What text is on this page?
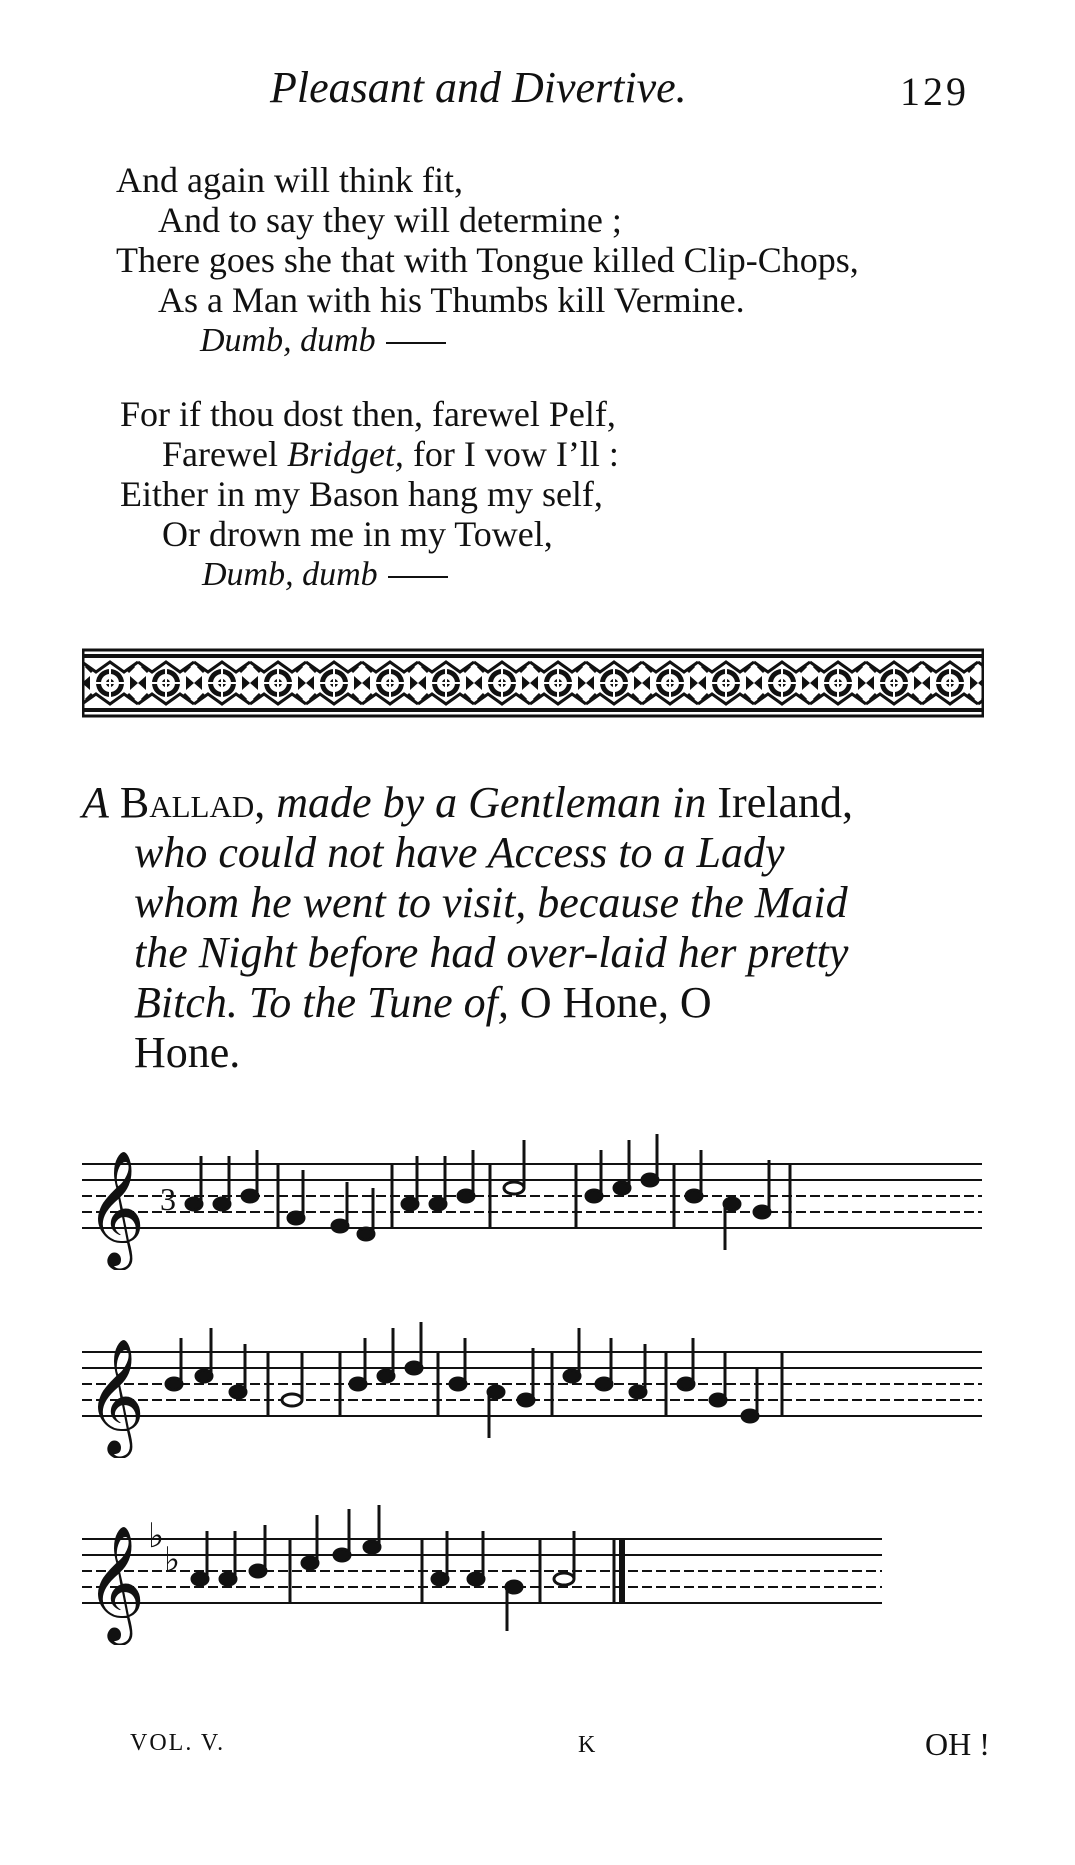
Pleasant and Divertive.	129
And again will think fit,
And to say they will determine ;
There goes she that with Tongue killed Clip-Chops,
As a Man with his Thumbs kill Vermine.
Dumb, dumb
For if thou dost then, farewel Pelf,
Farewel Bridget, for I vow I’ll :
Either in my Bason hang my self,
Or drown me in my Towel,
Dumb, dumb
A Ballad, made by a Gentleman in Ireland,
who could not have Access to a Lady
whom he went to visit, because the Maid
the Night before had over-laid her pretty
Bitch. To the Tune of, O Hone, O
Hone.
𝄞 3
𝄞
𝄞 ♭
♭
VOL. V.	K	OH !
